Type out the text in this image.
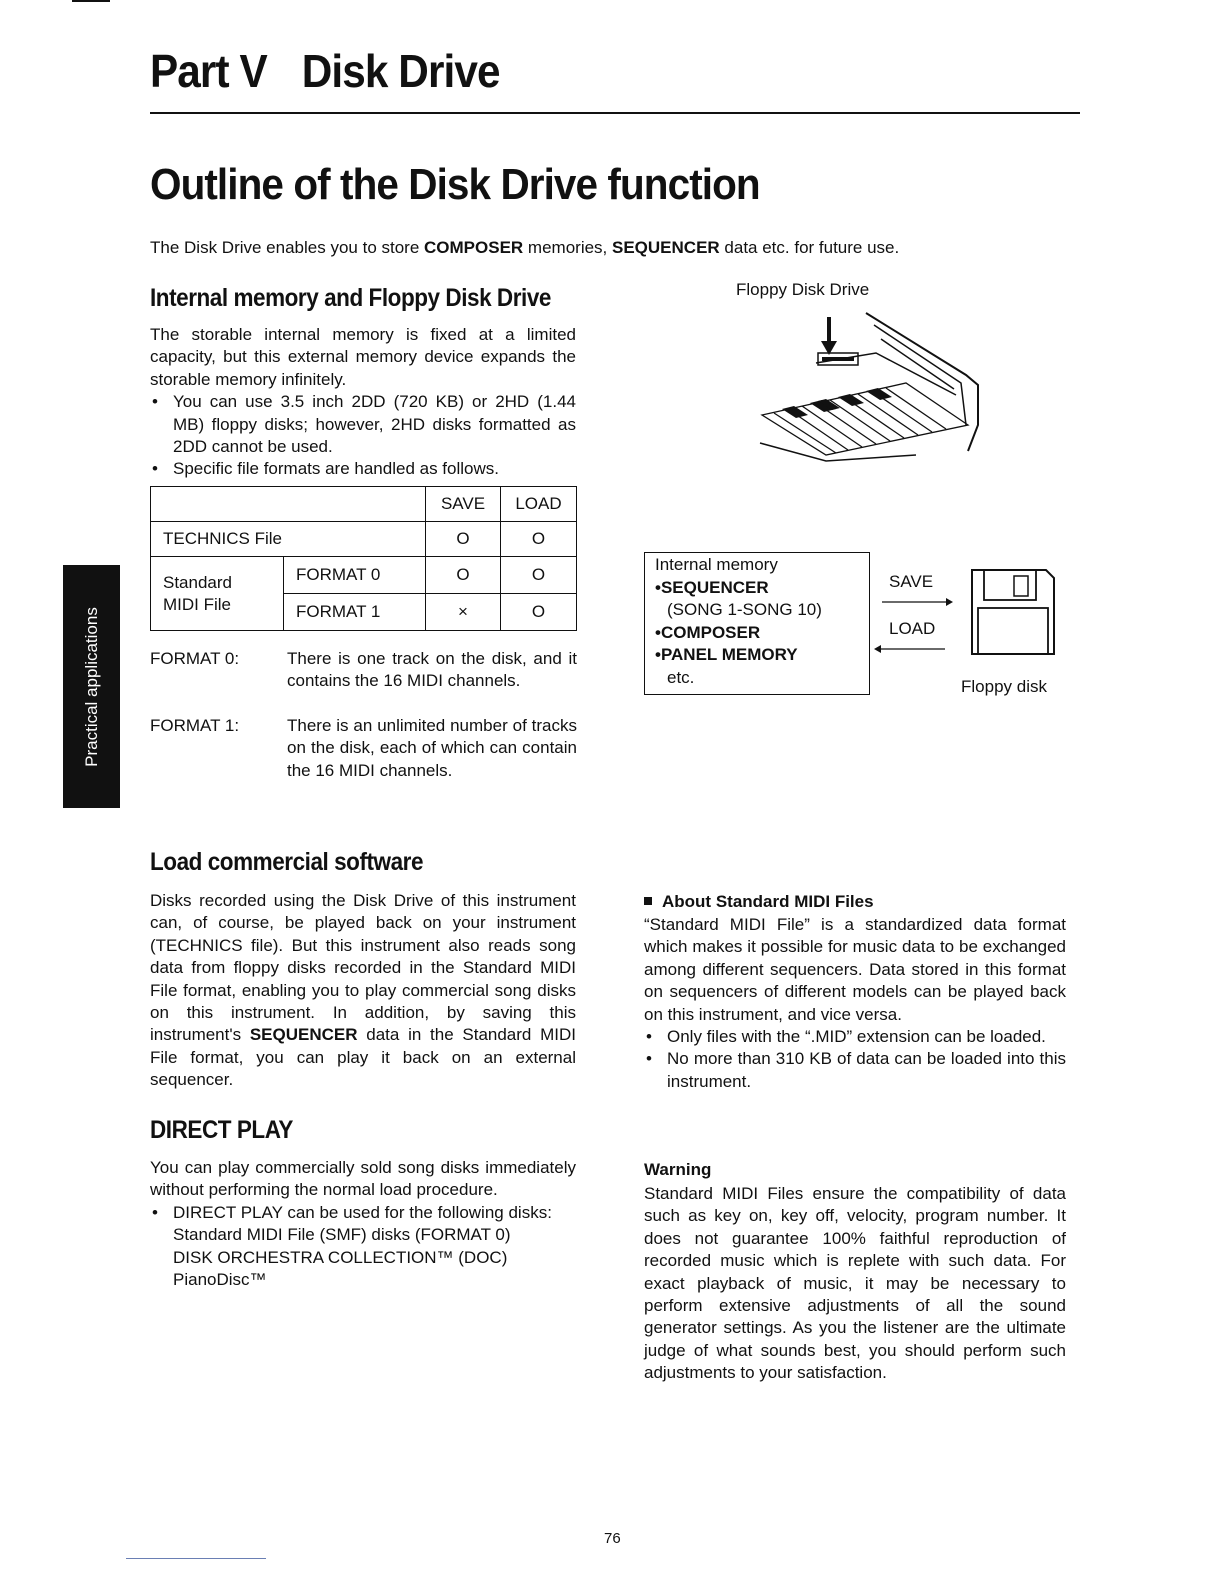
Part V Disk Drive
Outline of the Disk Drive function
The Disk Drive enables you to store COMPOSER memories, SEQUENCER data etc. for future use.
Practical applications
Internal memory and Floppy Disk Drive
The storable internal memory is fixed at a limited capacity, but this external memory device expands the storable memory infinitely.
• You can use 3.5 inch 2DD (720 KB) or 2HD (1.44 MB) floppy disks; however, 2HD disks formatted as 2DD cannot be used.
• Specific file formats are handled as follows.
		SAVE	LOAD
TECHNICS File		O	O

Standard
MIDI File	FORMAT 0	O	O
	FORMAT 1	×	O
FORMAT 0:	There is one track on the disk, and it contains the 16 MIDI channels.
FORMAT 1:	There is an unlimited number of tracks on the disk, each of which can contain the 16 MIDI channels.
Floppy Disk Drive
Internal memory
•SEQUENCER
(SONG 1-SONG 10)
•COMPOSER
•PANEL MEMORY
etc.
SAVE
LOAD
Floppy disk
Load commercial software
Disks recorded using the Disk Drive of this instrument can, of course, be played back on your instrument (TECHNICS file). But this instrument also reads song data from floppy disks recorded in the Standard MIDI File format, enabling you to play commercial song disks on this instrument. In addition, by saving this instrument's SEQUENCER data in the Standard MIDI File format, you can play it back on an external sequencer.
DIRECT PLAY
You can play commercially sold song disks immediately without performing the normal load procedure.
• DIRECT PLAY can be used for the following disks:
Standard MIDI File (SMF) disks (FORMAT 0)
DISK ORCHESTRA COLLECTION™ (DOC)
PianoDisc™
About Standard MIDI Files
“Standard MIDI File” is a standardized data format which makes it possible for music data to be exchanged among different sequencers. Data stored in this format on sequencers of different models can be played back on this instrument, and vice versa.
• Only files with the “.MID” extension can be loaded.
• No more than 310 KB of data can be loaded into this instrument.
Warning
Standard MIDI Files ensure the compatibility of data such as key on, key off, velocity, program number. It does not guarantee 100% faithful reproduction of recorded music which is replete with such data. For exact playback of music, it may be necessary to perform extensive adjustments of all the sound generator settings. As you the listener are the ultimate judge of what sounds best, you should perform such adjustments to your satisfaction.
76
